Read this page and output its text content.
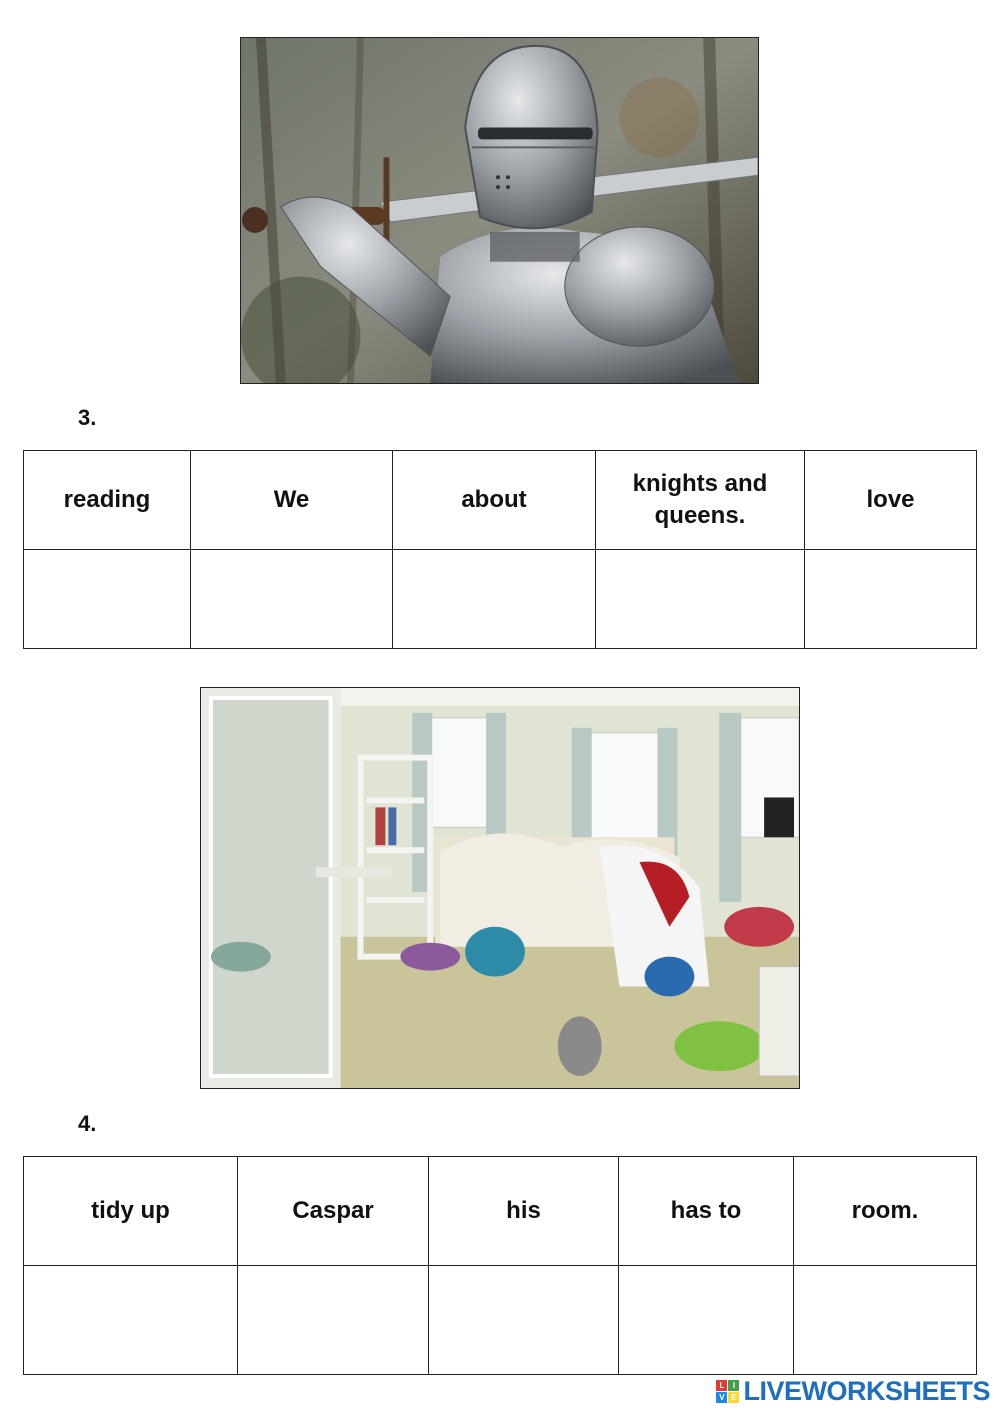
3.
reading	We	about	knights and queens.	love

4.
tidy up	Caspar	his	has to	room.

L	I
V E LIVEWORKSHEETS
